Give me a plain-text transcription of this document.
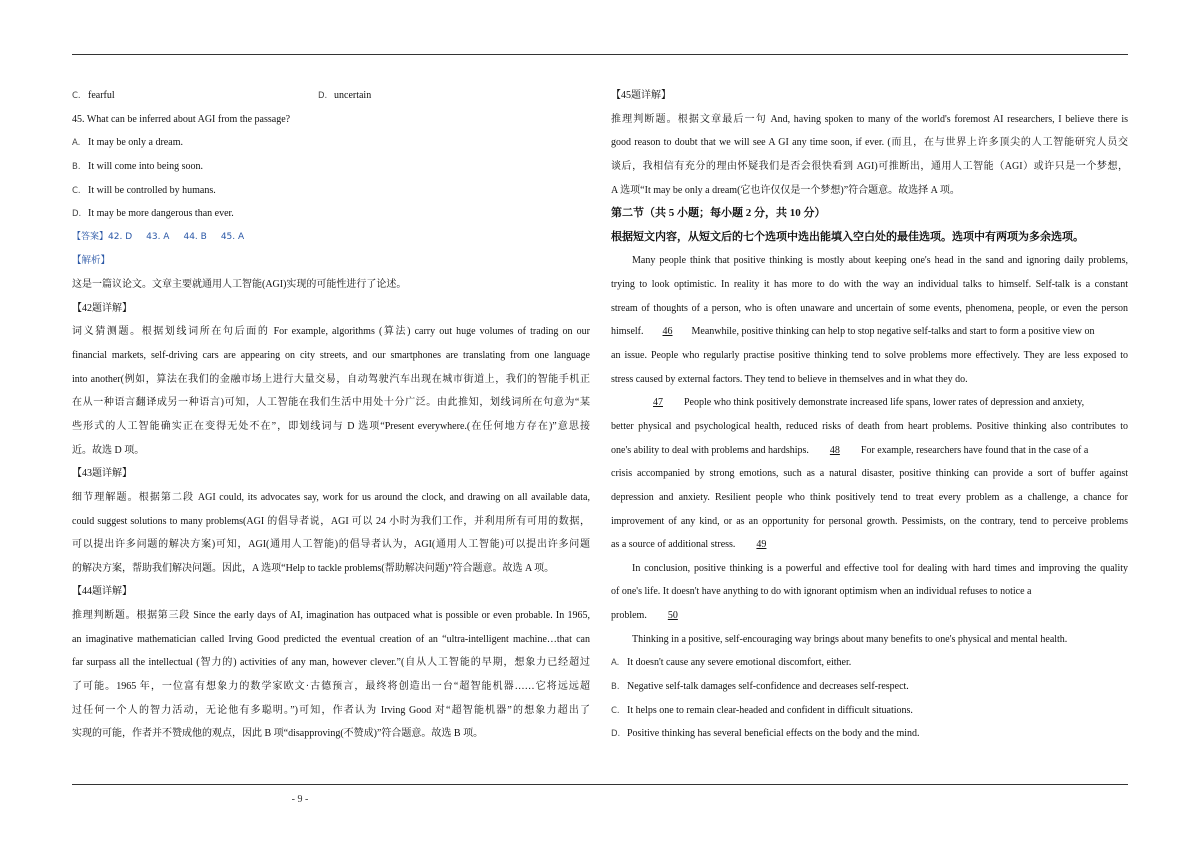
C. fearful	D. uncertain
45. What can be inferred about AGI from the passage?
A. It may be only a dream.
B. It will come into being soon.
C. It will be controlled by humans.
D. It may be more dangerous than ever.
【答案】42. D 43. A 44. B 45. A
【解析】
这是一篇议论文。文章主要就通用人工智能(AGI)实现的可能性进行了论述。
【42题详解】
词义猜测题。根据划线词所在句后面的 For example, algorithms (算法) carry out huge volumes of trading on our
financial markets, self-driving cars are appearing on city streets, and our smartphones are translating from one language
into another(例如，算法在我们的金融市场上进行大量交易，自动驾驶汽车出现在城市街道上，我们的智能手机正
在从一种语言翻译成另一种语言)可知，人工智能在我们生活中用处十分广泛。由此推知，划线词所在句意为“某
些形式的人工智能确实正在变得无处不在”，即划线词与 D 选项“Present everywhere.(在任何地方存在)”意思接
近。故选 D 项。
【43题详解】
细节理解题。根据第二段 AGI could, its advocates say, work for us around the clock, and drawing on all available data,
could suggest solutions to many problems(AGI 的倡导者说，AGI 可以 24 小时为我们工作，并利用所有可用的数据，
可以提出许多问题的解决方案)可知，AGI(通用人工智能)的倡导者认为，AGI(通用人工智能)可以提出许多问题
的解决方案，帮助我们解决问题。因此，A 选项“Help to tackle problems(帮助解决问题)”符合题意。故选 A 项。
【44题详解】
推理判断题。根据第三段 Since the early days of AI, imagination has outpaced what is possible or even probable. In 1965,
an imaginative mathematician called Irving Good predicted the eventual creation of an “ultra-intelligent machine…that can
far surpass all the intellectual (智力的) activities of any man, however clever.”(自从人工智能的早期，想象力已经超过
了可能。1965 年，一位富有想象力的数学家欧文·古德预言，最终将创造出一台“超智能机器……它将远远超
过任何一个人的智力活动，无论他有多聪明。”)可知，作者认为 Irving Good 对“超智能机器”的想象力超出了
实现的可能，作者并不赞成他的观点，因此 B 项“disapproving(不赞成)”符合题意。故选 B 项。
【45题详解】
推理判断题。根据文章最后一句 And, having spoken to many of the world's foremost AI researchers, I believe there is
good reason to doubt that we will see A GI any time soon, if ever. (而且，在与世界上许多顶尖的人工智能研究人员交
谈后，我相信有充分的理由怀疑我们是否会很快看到 AGI)可推断出，通用人工智能（AGI）或许只是一个梦想，
A 选项“It may be only a dream(它也许仅仅是一个梦想)”符合题意。故选择 A 项。
第二节（共 5 小题；每小题 2 分，共 10 分）
根据短文内容，从短文后的七个选项中选出能填入空白处的最佳选项。选项中有两项为多余选项。
Many people think that positive thinking is mostly about keeping one's head in the sand and ignoring daily problems,
trying to look optimistic. In reality it has more to do with the way an individual talks to himself. Self-talk is a constant
stream of thoughts of a person, who is often unaware and uncertain of some events, phenomena, people, or even the person
himself. 46 Meanwhile, positive thinking can help to stop negative self-talks and start to form a positive view on
an issue. People who regularly practise positive thinking tend to solve problems more effectively. They are less exposed to
stress caused by external factors. They tend to believe in themselves and in what they do.
47 People who think positively demonstrate increased life spans, lower rates of depression and anxiety,
better physical and psychological health, reduced risks of death from heart problems. Positive thinking also contributes to
one's ability to deal with problems and hardships. 48 For example, researchers have found that in the case of a
crisis accompanied by strong emotions, such as a natural disaster, positive thinking can provide a sort of buffer against
depression and anxiety. Resilient people who think positively tend to treat every problem as a challenge, a chance for
improvement of any kind, or as an opportunity for personal growth. Pessimists, on the contrary, tend to perceive problems
as a source of additional stress. 49
In conclusion, positive thinking is a powerful and effective tool for dealing with hard times and improving the quality
of one's life. It doesn't have anything to do with ignorant optimism when an individual refuses to notice a
problem. 50
Thinking in a positive, self-encouraging way brings about many benefits to one's physical and mental health.
A. It doesn't cause any severe emotional discomfort, either.
B. Negative self-talk damages self-confidence and decreases self-respect.
C. It helps one to remain clear-headed and confident in difficult situations.
D. Positive thinking has several beneficial effects on the body and the mind.
- 9 -
